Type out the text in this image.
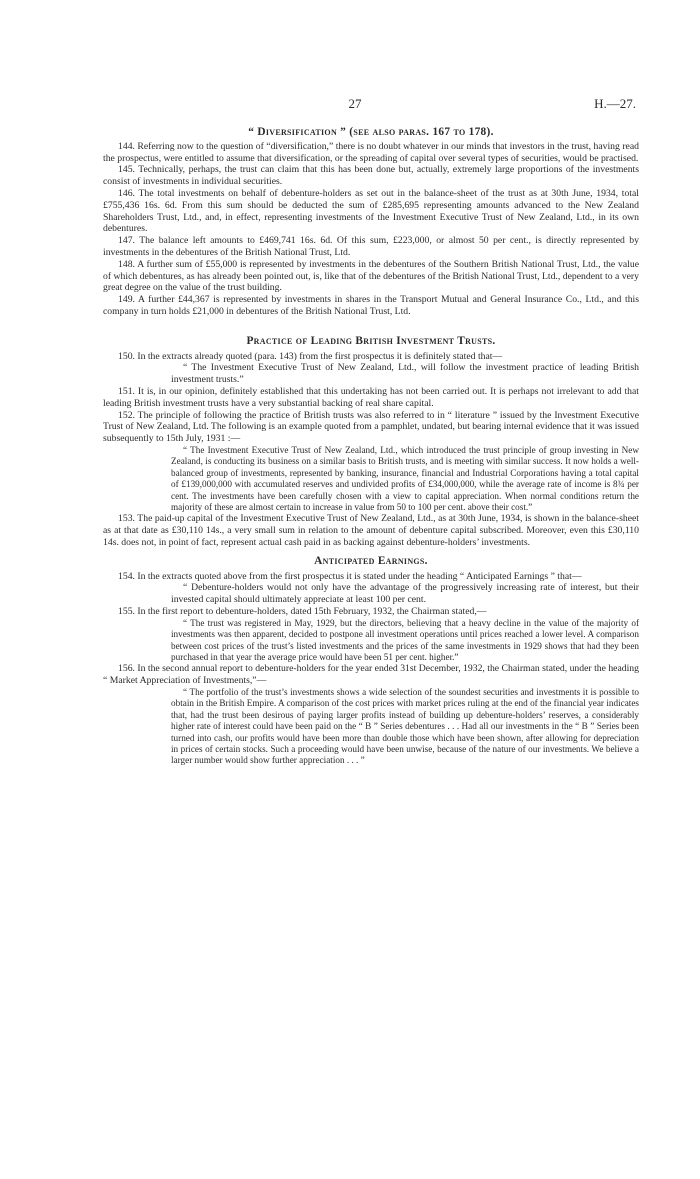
27	H.—27.
“ Diversification ” (see also paras. 167 to 178).

144. Referring now to the question of “diversification,” there is no doubt whatever in our minds that investors in the trust, having read the prospectus, were entitled to assume that diversification, or the spreading of capital over several types of securities, would be practised.

145. Technically, perhaps, the trust can claim that this has been done but, actually, extremely large proportions of the investments consist of investments in individual securities.

146. The total investments on behalf of debenture-holders as set out in the balance-sheet of the trust as at 30th June, 1934, total £755,436 16s. 6d. From this sum should be deducted the sum of £285,695 representing amounts advanced to the New Zealand Shareholders Trust, Ltd., and, in effect, representing investments of the Investment Executive Trust of New Zealand, Ltd., in its own debentures.

147. The balance left amounts to £469,741 16s. 6d. Of this sum, £223,000, or almost 50 per cent., is directly represented by investments in the debentures of the British National Trust, Ltd.

148. A further sum of £55,000 is represented by investments in the debentures of the Southern British National Trust, Ltd., the value of which debentures, as has already been pointed out, is, like that of the debentures of the British National Trust, Ltd., dependent to a very great degree on the value of the trust building.

149. A further £44,367 is represented by investments in shares in the Transport Mutual and General Insurance Co., Ltd., and this company in turn holds £21,000 in debentures of the British National Trust, Ltd.

Practice of Leading British Investment Trusts.

150. In the extracts already quoted (para. 143) from the first prospectus it is definitely stated that—

“ The Investment Executive Trust of New Zealand, Ltd., will follow the investment practice of leading British investment trusts.”

151. It is, in our opinion, definitely established that this undertaking has not been carried out. It is perhaps not irrelevant to add that leading British investment trusts have a very substantial backing of real share capital.

152. The principle of following the practice of British trusts was also referred to in “ literature ” issued by the Investment Executive Trust of New Zealand, Ltd. The following is an example quoted from a pamphlet, undated, but bearing internal evidence that it was issued subsequently to 15th July, 1931 :—

“ The Investment Executive Trust of New Zealand, Ltd., which introduced the trust principle of group investing in New Zealand, is conducting its business on a similar basis to British trusts, and is meeting with similar success. It now holds a well-balanced group of investments, represented by banking, insurance, financial and Industrial Corporations having a total capital of £139,000,000 with accumulated reserves and undivided profits of £34,000,000, while the average rate of income is 8¾ per cent. The investments have been carefully chosen with a view to capital appreciation. When normal conditions return the majority of these are almost certain to increase in value from 50 to 100 per cent. above their cost.”

153. The paid-up capital of the Investment Executive Trust of New Zealand, Ltd., as at 30th June, 1934, is shown in the balance-sheet as at that date as £30,110 14s., a very small sum in relation to the amount of debenture capital subscribed. Moreover, even this £30,110 14s. does not, in point of fact, represent actual cash paid in as backing against debenture-holders’ investments.

Anticipated Earnings.

154. In the extracts quoted above from the first prospectus it is stated under the heading “ Anticipated Earnings ” that—

“ Debenture-holders would not only have the advantage of the progressively increasing rate of interest, but their invested capital should ultimately appreciate at least 100 per cent.

155. In the first report to debenture-holders, dated 15th February, 1932, the Chairman stated,—

“ The trust was registered in May, 1929, but the directors, believing that a heavy decline in the value of the majority of investments was then apparent, decided to postpone all investment operations until prices reached a lower level. A comparison between cost prices of the trust’s listed investments and the prices of the same investments in 1929 shows that had they been purchased in that year the average price would have been 51 per cent. higher.”

156. In the second annual report to debenture-holders for the year ended 31st December, 1932, the Chairman stated, under the heading “ Market Appreciation of Investments,”—

“ The portfolio of the trust’s investments shows a wide selection of the soundest securities and investments it is possible to obtain in the British Empire. A comparison of the cost prices with market prices ruling at the end of the financial year indicates that, had the trust been desirous of paying larger profits instead of building up debenture-holders’ reserves, a considerably higher rate of interest could have been paid on the “ B ” Series debentures . . . Had all our investments in the “ B ” Series been turned into cash, our profits would have been more than double those which have been shown, after allowing for depreciation in prices of certain stocks. Such a proceeding would have been unwise, because of the nature of our investments. We believe a larger number would show further appreciation . . . ”
